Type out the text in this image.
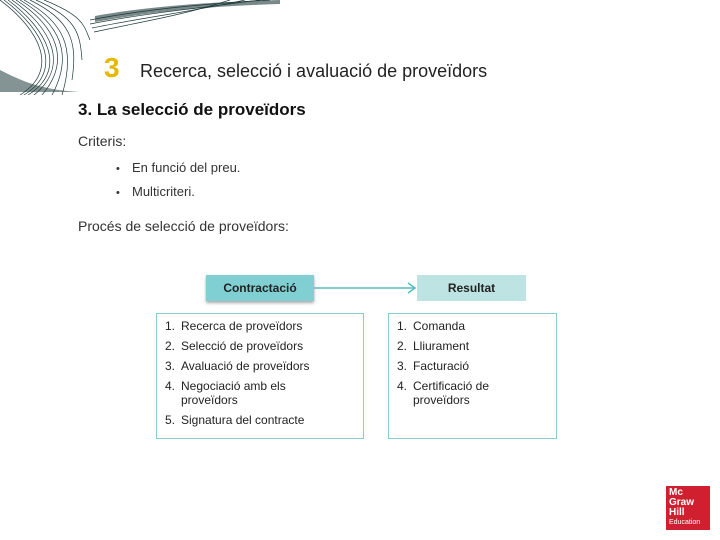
3 Recerca, selecció i avaluació de proveïdors
3. La selecció de proveïdors
Criteris:
• En funció del preu.
• Multicriteri.
Procés de selecció de proveïdors:
Contractació	Resultat
1. Recerca de proveïdors
2. Selecció de proveïdors
3. Avaluació de proveïdors
4. Negociació amb els proveïdors
5. Signatura del contracte
1. Comanda
2. Lliurament
3. Facturació
4. Certificació de proveïdors
Mc
Graw
Hill
Education
